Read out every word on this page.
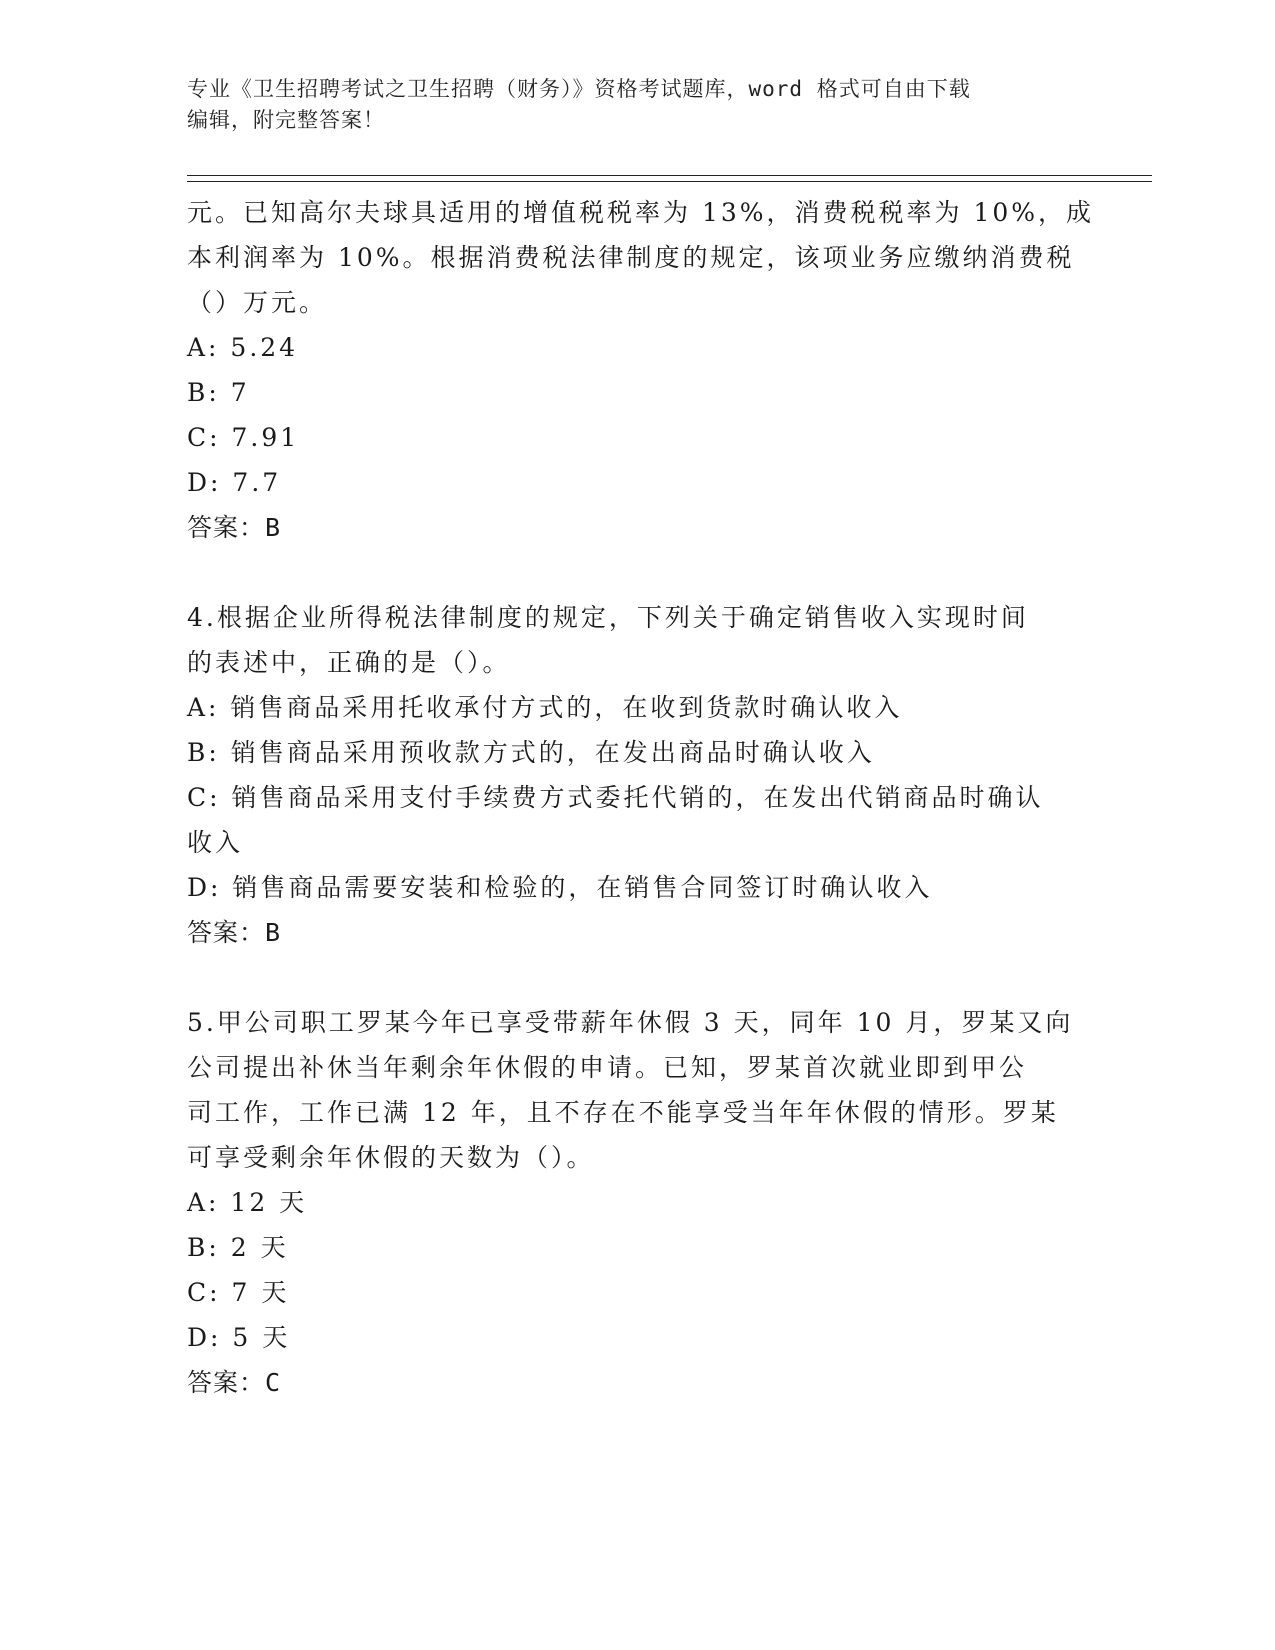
专业《卫生招聘考试之卫生招聘（财务）》资格考试题库，word 格式可自由下载
编辑，附完整答案！
元。已知高尔夫球具适用的增值税税率为 13%，消费税税率为 10%，成
本利润率为 10%。根据消费税法律制度的规定，该项业务应缴纳消费税
（）万元。
A: 5.24
B: 7
C: 7.91
D: 7.7
答案：B
4.根据企业所得税法律制度的规定，下列关于确定销售收入实现时间
的表述中，正确的是（）。
A: 销售商品采用托收承付方式的，在收到货款时确认收入
B: 销售商品采用预收款方式的，在发出商品时确认收入
C: 销售商品采用支付手续费方式委托代销的，在发出代销商品时确认
收入
D: 销售商品需要安装和检验的，在销售合同签订时确认收入
答案：B
5.甲公司职工罗某今年已享受带薪年休假 3 天，同年 10 月，罗某又向
公司提出补休当年剩余年休假的申请。已知，罗某首次就业即到甲公
司工作，工作已满 12 年，且不存在不能享受当年年休假的情形。罗某
可享受剩余年休假的天数为（）。
A: 12 天
B: 2 天
C: 7 天
D: 5 天
答案：C
